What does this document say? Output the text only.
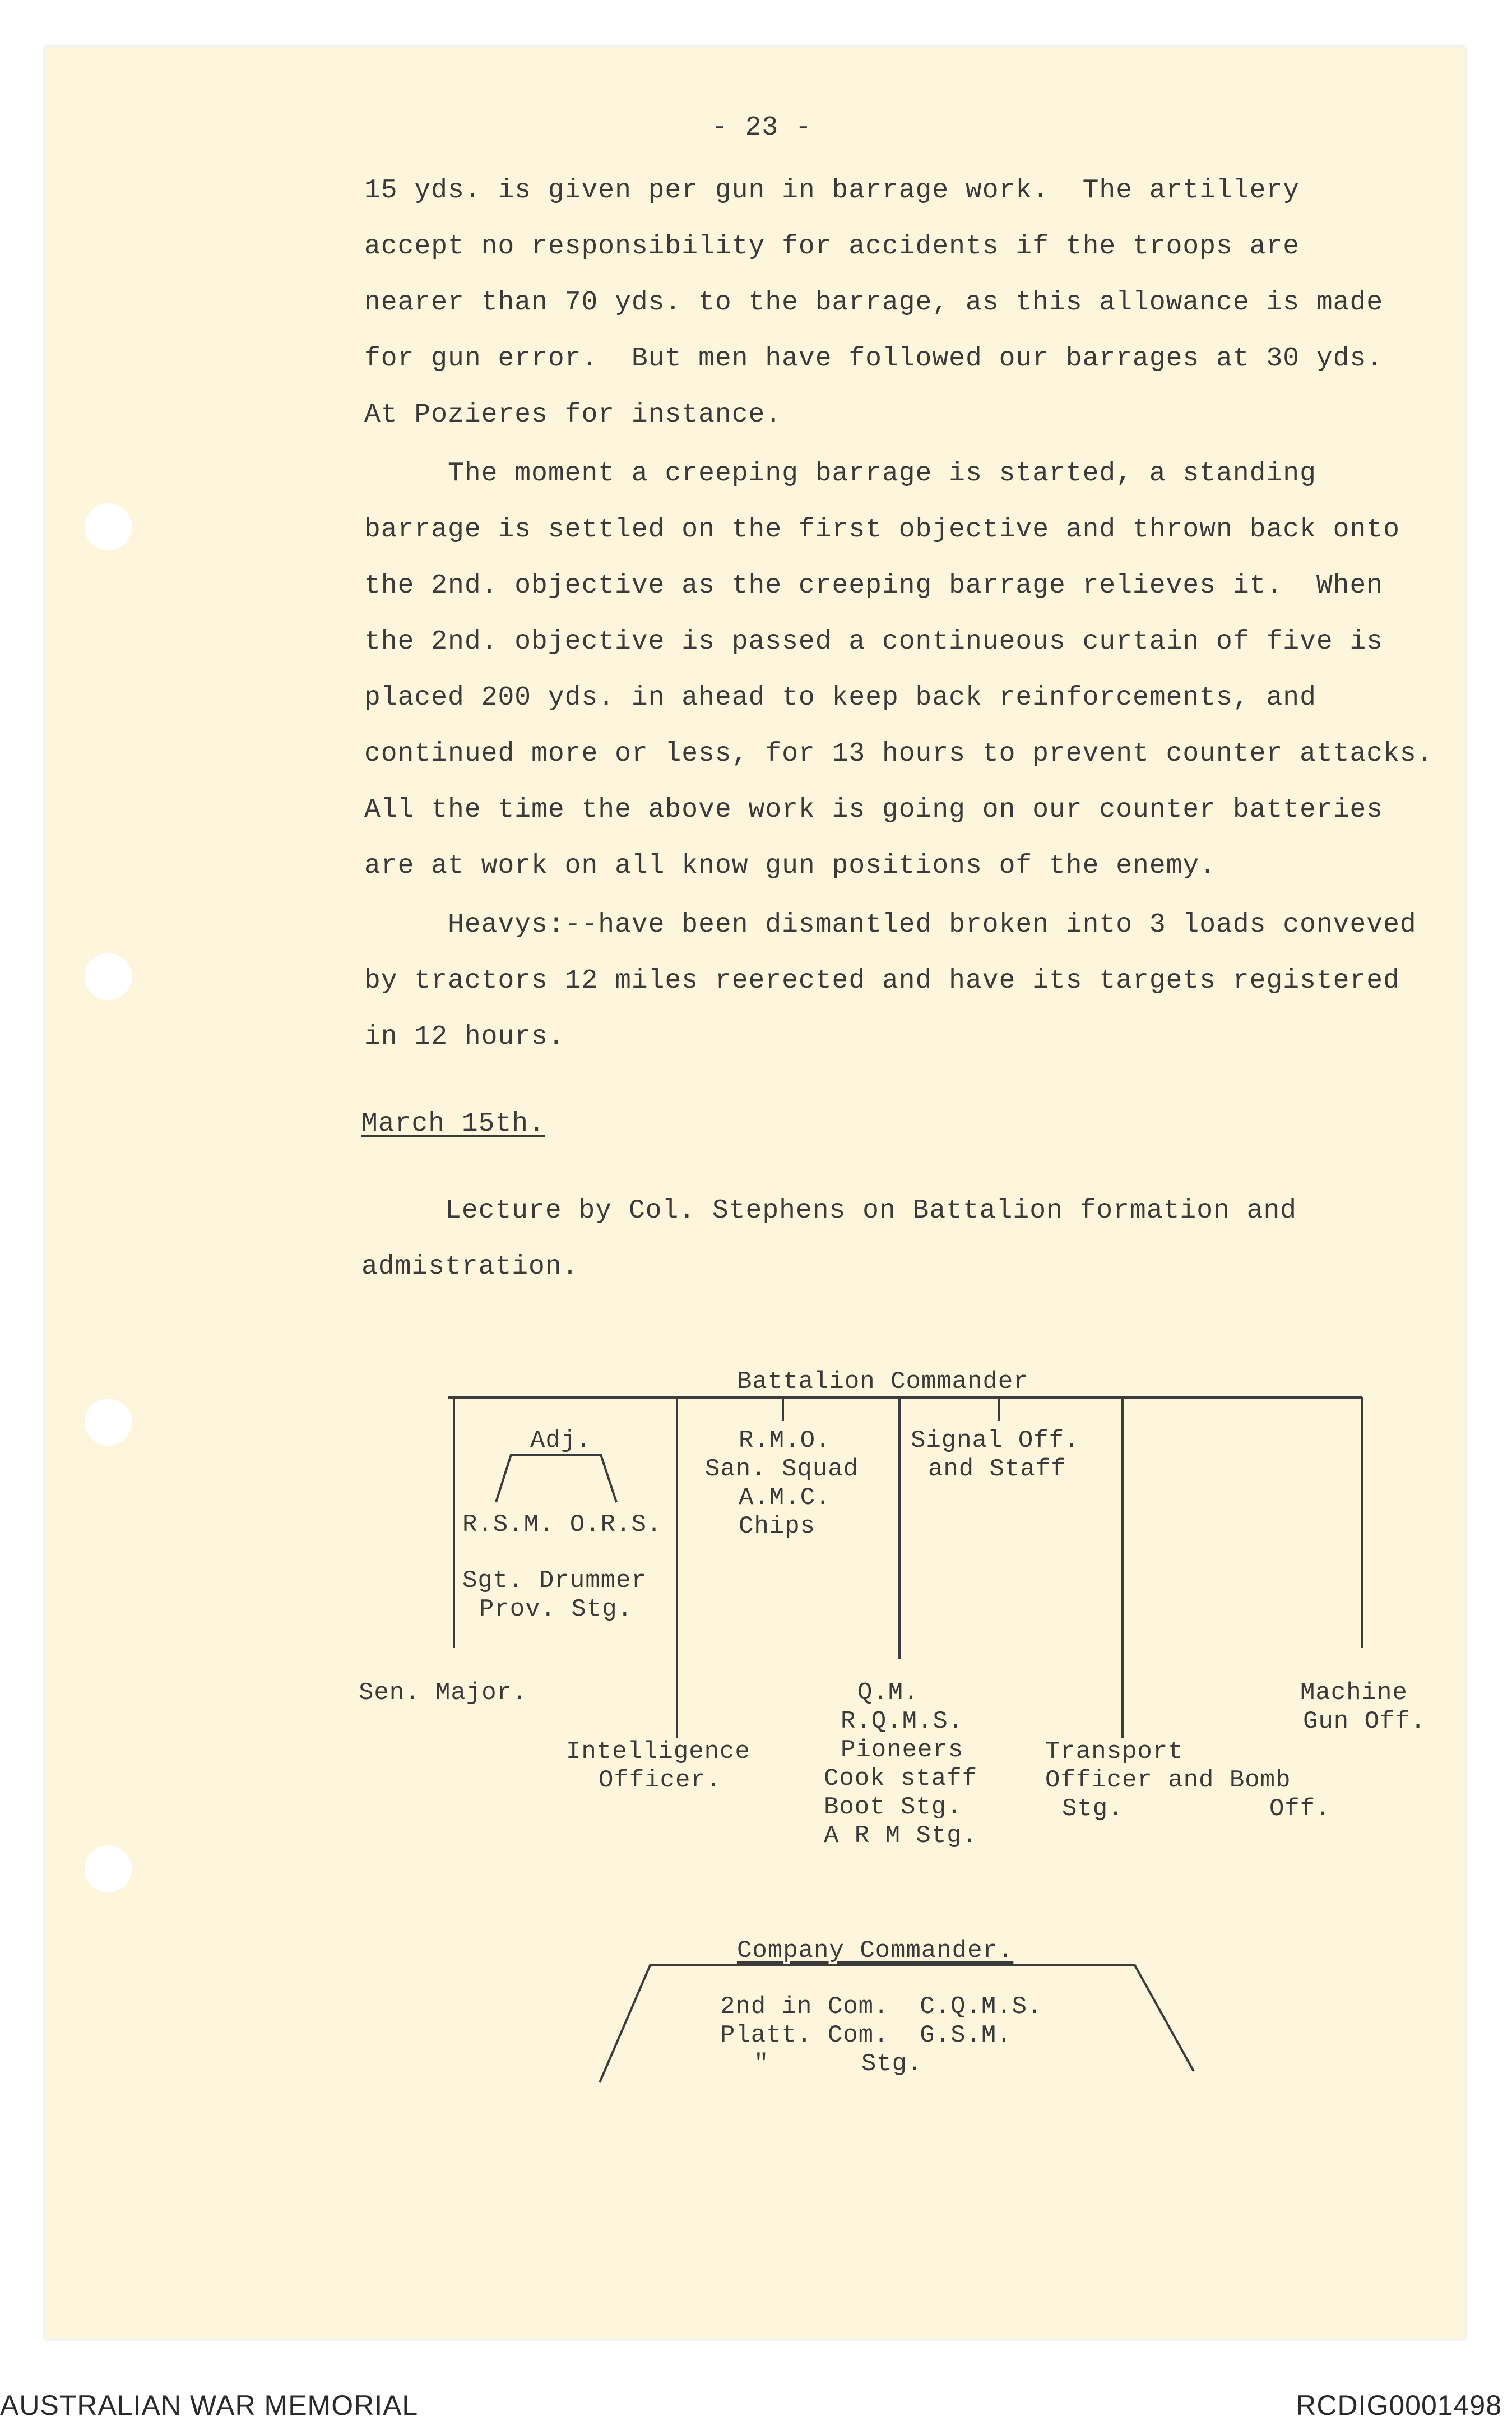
- 23 -
15 yds. is given per gun in barrage work.  The artillery
accept no responsibility for accidents if the troops are
nearer than 70 yds. to the barrage, as this allowance is made
for gun error.  But men have followed our barrages at 30 yds.
At Pozieres for instance.
The moment a creeping barrage is started, a standing
barrage is settled on the first objective and thrown back onto
the 2nd. objective as the creeping barrage relieves it.  When
the 2nd. objective is passed a continueous curtain of five is
placed 200 yds. in ahead to keep back reinforcements, and
continued more or less, for 13 hours to prevent counter attacks.
All the time the above work is going on our counter batteries
are at work on all know gun positions of the enemy.
Heavys:--have been dismantled broken into 3 loads conveved
by tractors 12 miles reerected and have its targets registered
in 12 hours.
March 15th.
Lecture by Col. Stephens on Battalion formation and
admistration.
Battalion Commander
Adj.
R.S.M. O.R.S.
Sgt. Drummer
Prov. Stg.
R.M.O.
San. Squad
A.M.C.
Chips
Signal Off.
and Staff
Sen. Major.
Intelligence
Officer.
Q.M.
R.Q.M.S.
Pioneers
Cook staff
Boot Stg.
A R M Stg.
Transport
Officer and Bomb
Stg.	Off.
Machine
Gun Off.
Company Commander.
2nd in Com.  C.Q.M.S.
Platt. Com.  G.S.M.
"      Stg.
AUSTRALIAN WAR MEMORIAL	RCDIG0001498
